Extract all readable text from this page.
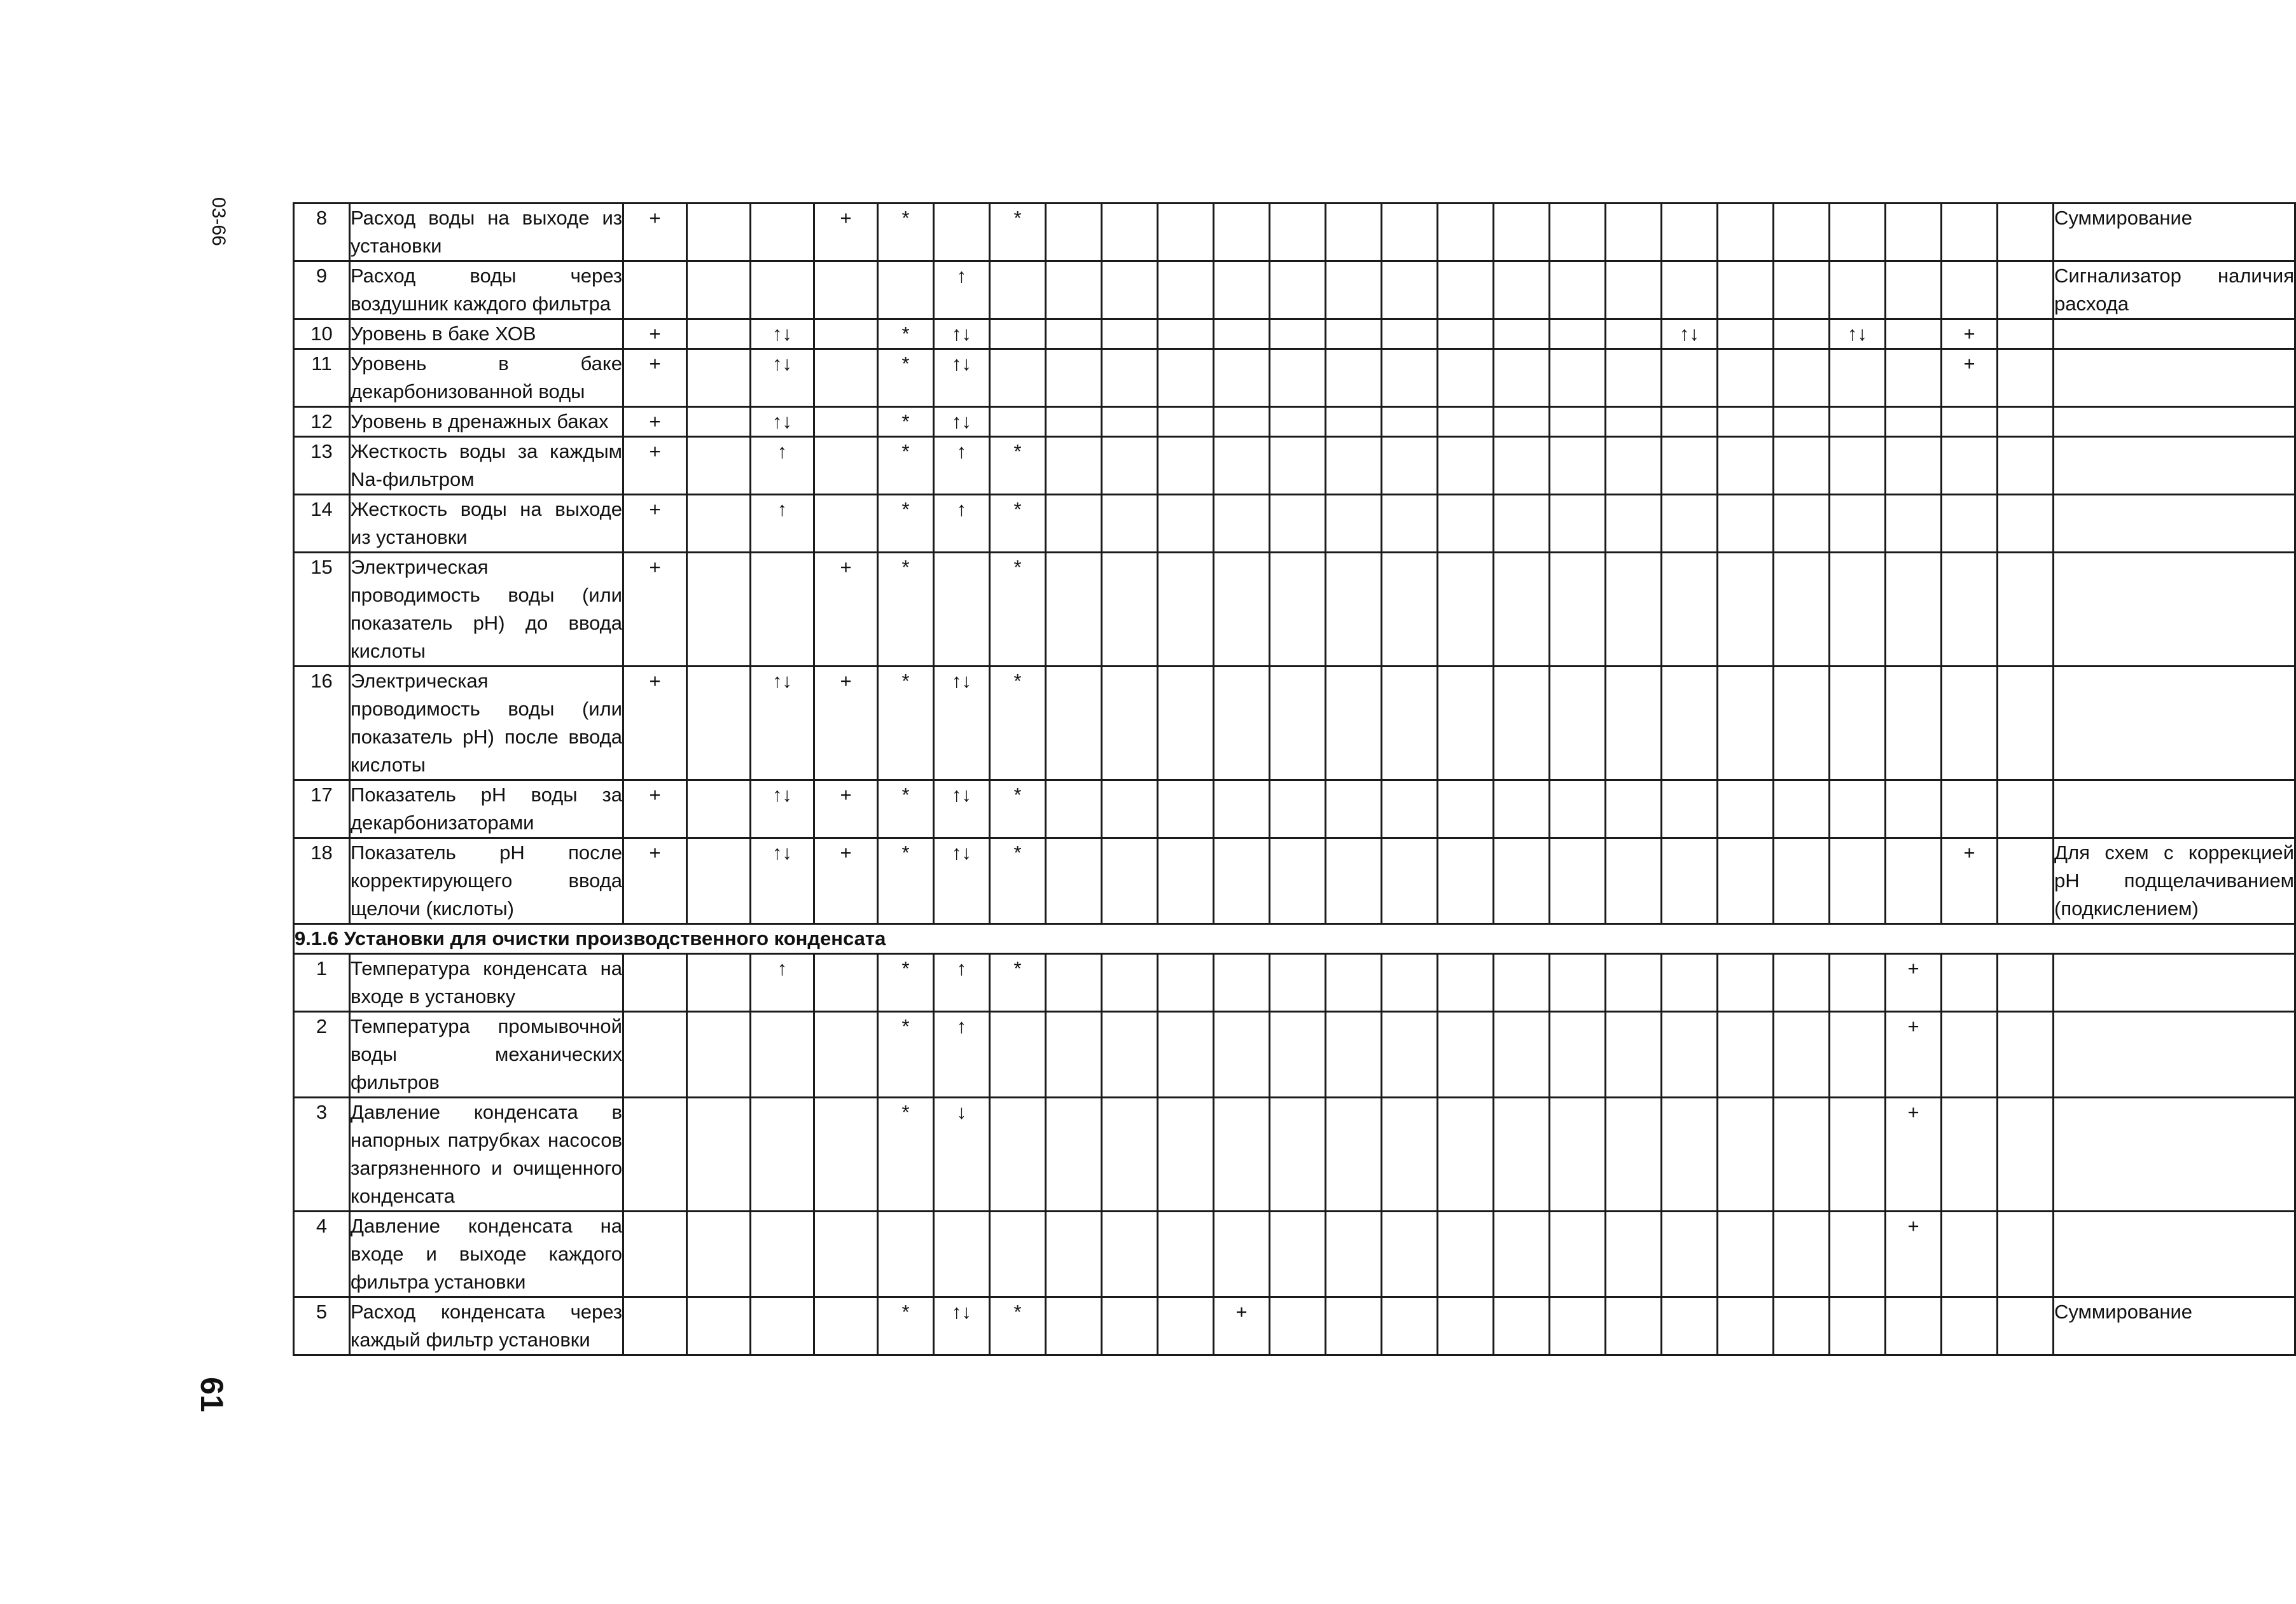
03-66
61
8	Расход воды на выходе из установки	+			+	*		*																			Суммирование
9	Расход воды через воздушник каждого фильтра						↑																				Сигнализатор наличия расхода
10	Уровень в баке ХОВ	+		↑↓		*	↑↓													↑↓			↑↓		+		
11	Уровень в баке декарбонизованной воды	+		↑↓		*	↑↓																		+		
12	Уровень в дренажных баках	+		↑↓		*	↑↓																				
13	Жесткость воды за каждым Na-фильтром	+		↑		*	↑	*																			
14	Жесткость воды на выходе из установки	+		↑		*	↑	*																			
15	Электрическая проводимость воды (или показатель pH) до ввода кислоты	+			+	*		*																			
16	Электрическая проводимость воды (или показатель pH) после ввода кислоты	+		↑↓	+	*	↑↓	*																			
17	Показатель pH воды за декарбонизаторами	+		↑↓	+	*	↑↓	*																			
18	Показатель pH после корректирующего ввода щелочи (кислоты)	+		↑↓	+	*	↑↓	*																	+		Для схем с коррекцией pH подщелачиванием (подкислением)
9.1.6 Установки для очистки производственного конденсата																											
1	Температура конденсата на входе в установку			↑		*	↑	*																+			
2	Температура промывочной воды механических фильтров					*	↑																	+			
3	Давление конденсата в напорных патрубках насосов загрязненного и очищенного конденсата					*	↓																	+			
4	Давление конденсата на входе и выходе каждого фильтра установки																							+			
5	Расход конденсата через каждый фильтр установки					*	↑↓	*				+															Суммирование
